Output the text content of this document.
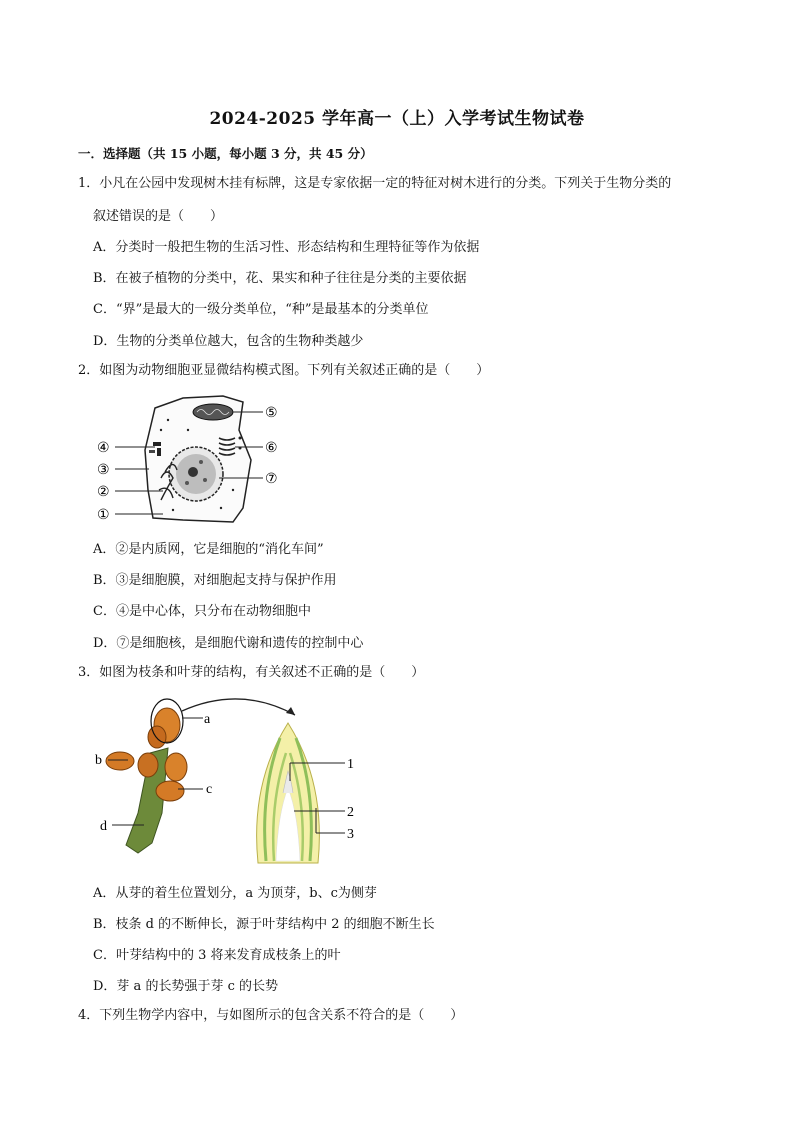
2024-2025 学年高一（上）入学考试生物试卷
一．选择题（共 15 小题，每小题 3 分，共 45 分）
1．小凡在公园中发现树木挂有标牌，这是专家依据一定的特征对树木进行的分类。下列关于生物分类的
叙述错误的是（　　）
A．分类时一般把生物的生活习性、形态结构和生理特征等作为依据
B．在被子植物的分类中，花、果实和种子往往是分类的主要依据
C．“界”是最大的一级分类单位，“种”是最基本的分类单位
D．生物的分类单位越大，包含的生物种类越少
2．如图为动物细胞亚显微结构模式图。下列有关叙述正确的是（　　）
⑤
⑥
⑦
④
③
②
①
A．②是内质网，它是细胞的“消化车间”
B．③是细胞膜，对细胞起支持与保护作用
C．④是中心体，只分布在动物细胞中
D．⑦是细胞核，是细胞代谢和遗传的控制中心
3．如图为枝条和叶芽的结构，有关叙述不正确的是（　　）
a
b
c
d
1
2
3
A．从芽的着生位置划分，a 为顶芽，b、c为侧芽
B．枝条 d 的不断伸长，源于叶芽结构中 2 的细胞不断生长
C．叶芽结构中的 3 将来发育成枝条上的叶
D．芽 a 的长势强于芽 c 的长势
4．下列生物学内容中，与如图所示的包含关系不符合的是（　　）
